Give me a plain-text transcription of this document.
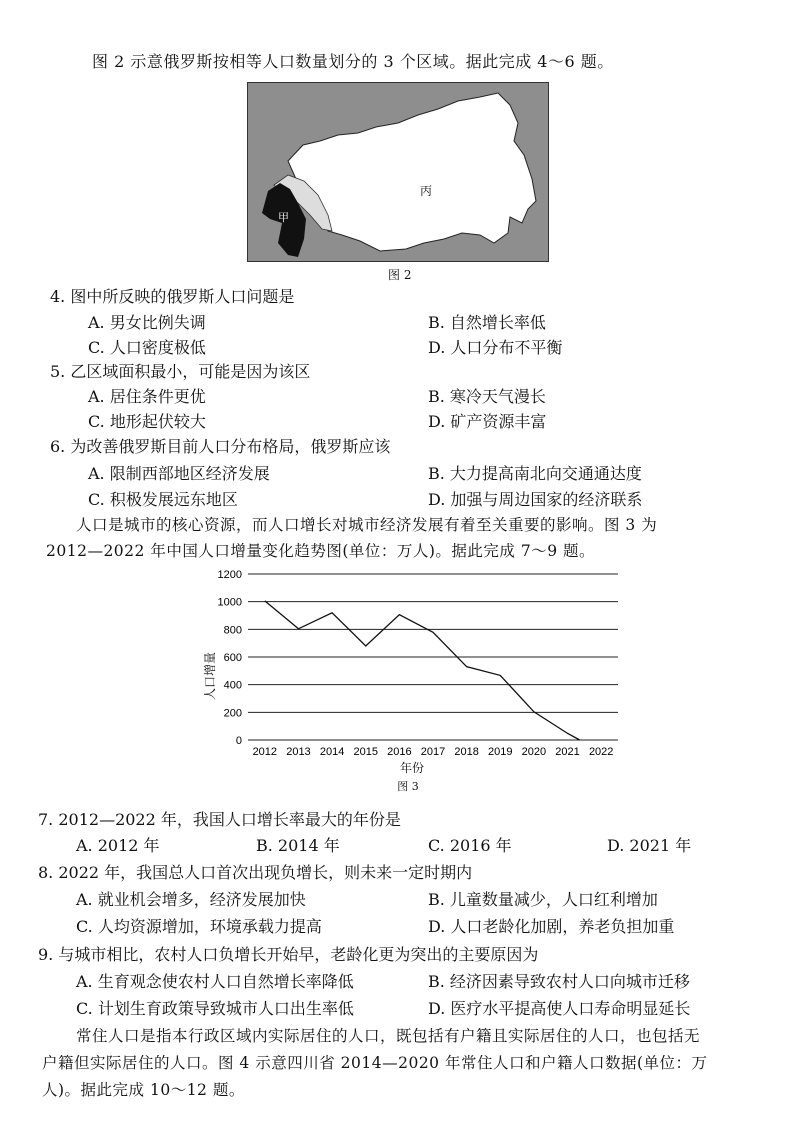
图 2 示意俄罗斯按相等人口数量划分的 3 个区域。据此完成 4～6 题。
甲
丙
图 2
4. 图中所反映的俄罗斯人口问题是
A. 男女比例失调	B. 自然增长率低
C. 人口密度极低	D. 人口分布不平衡
5. 乙区域面积最小，可能是因为该区
A. 居住条件更优	B. 寒冷天气漫长
C. 地形起伏较大	D. 矿产资源丰富
6. 为改善俄罗斯目前人口分布格局，俄罗斯应该
A. 限制西部地区经济发展	B. 大力提高南北向交通通达度
C. 积极发展远东地区	D. 加强与周边国家的经济联系
人口是城市的核心资源，而人口增长对城市经济发展有着至关重要的影响。图 3 为
2012—2022 年中国人口增量变化趋势图(单位：万人)。据此完成 7～9 题。
0
200
400
600
800
1000
1200
2012 2013 2014 2015 2016 2017 2018 2019 2020 2021 2022
人口增量
年份
图 3
7. 2012—2022 年，我国人口增长率最大的年份是
A. 2012 年	B. 2014 年	C. 2016 年	D. 2021 年
8. 2022 年，我国总人口首次出现负增长，则未来一定时期内
A. 就业机会增多，经济发展加快	B. 儿童数量减少，人口红利增加
C. 人均资源增加，环境承载力提高	D. 人口老龄化加剧，养老负担加重
9. 与城市相比，农村人口负增长开始早，老龄化更为突出的主要原因为
A. 生育观念使农村人口自然增长率降低	B. 经济因素导致农村人口向城市迁移
C. 计划生育政策导致城市人口出生率低	D. 医疗水平提高使人口寿命明显延长
常住人口是指本行政区域内实际居住的人口，既包括有户籍且实际居住的人口，也包括无
户籍但实际居住的人口。图 4 示意四川省 2014—2020 年常住人口和户籍人口数据(单位：万
人)。据此完成 10～12 题。
